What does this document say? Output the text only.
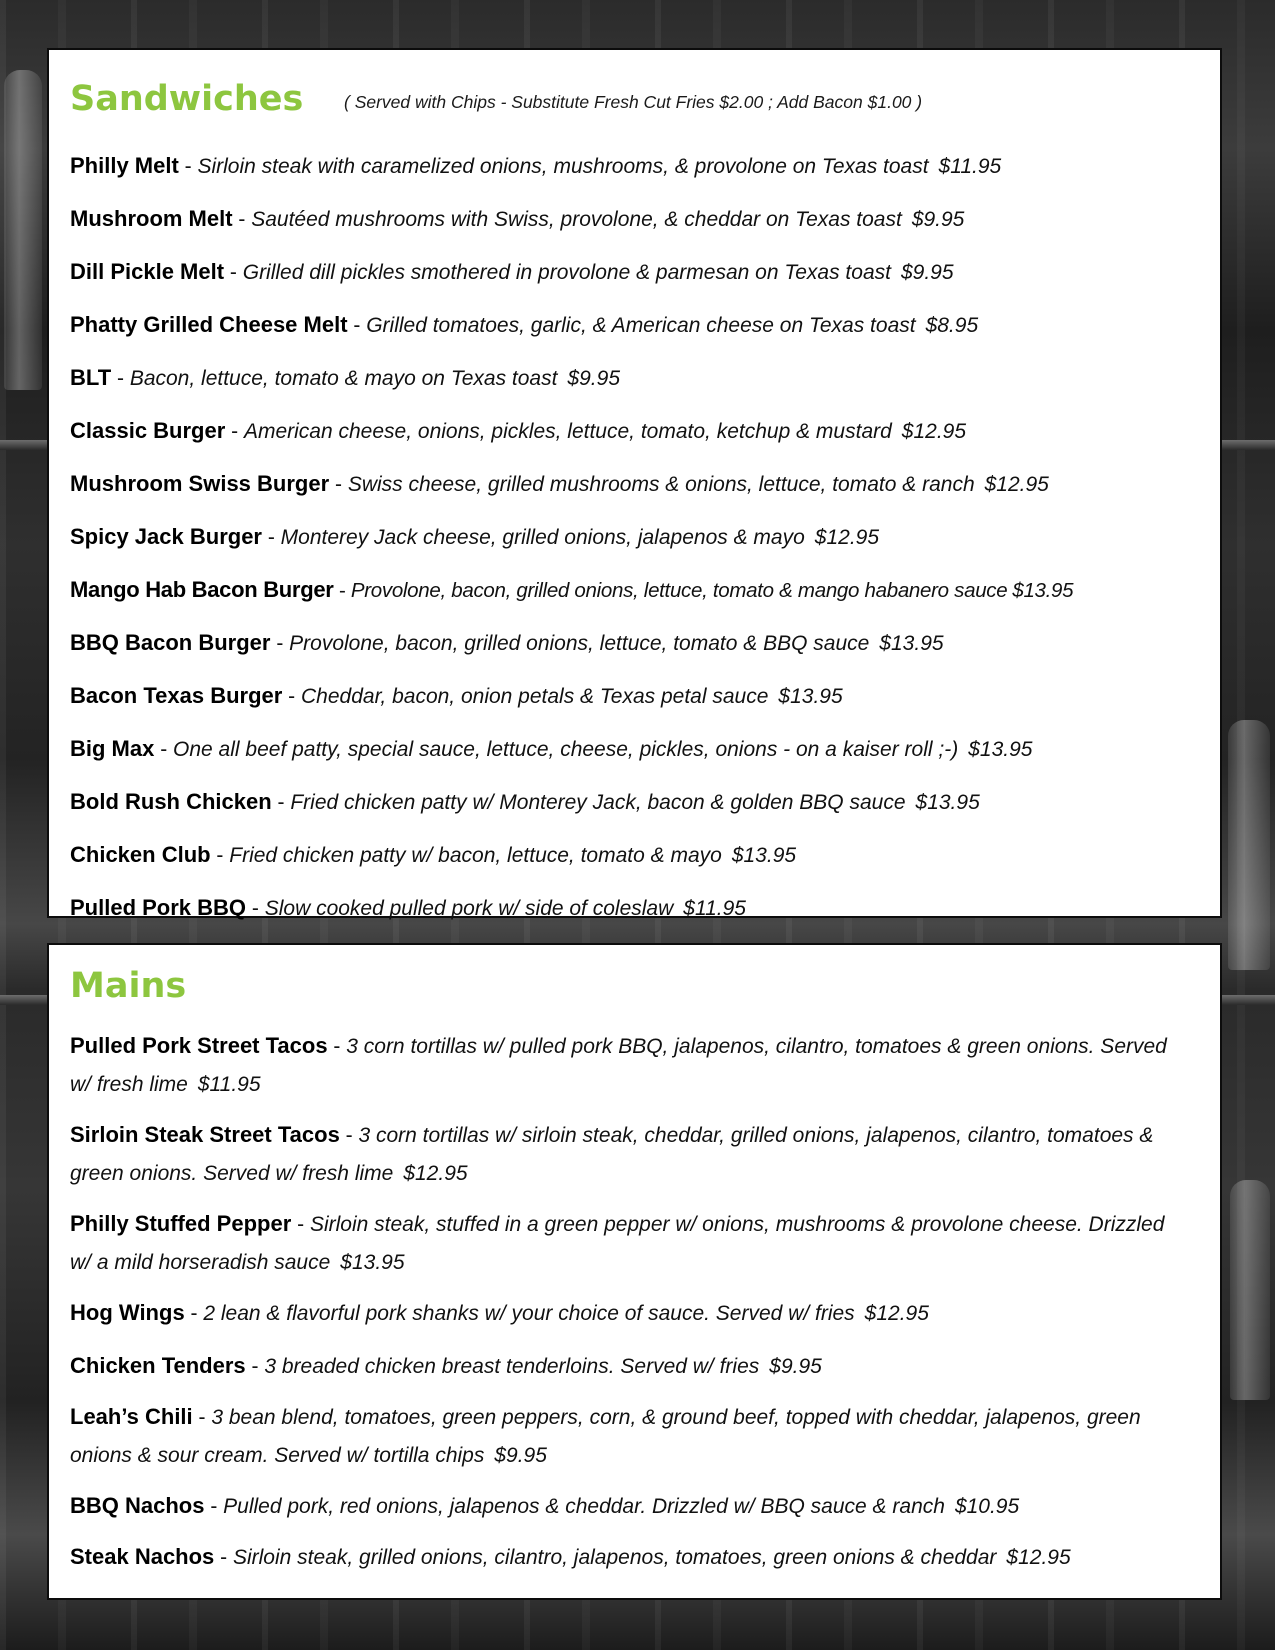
Sandwiches ( Served with Chips - Substitute Fresh Cut Fries $2.00 ; Add Bacon $1.00 )
Philly Melt - Sirloin steak with caramelized onions, mushrooms, & provolone on Texas toast $11.95
Mushroom Melt - Sautéed mushrooms with Swiss, provolone, & cheddar on Texas toast $9.95
Dill Pickle Melt - Grilled dill pickles smothered in provolone & parmesan on Texas toast $9.95
Phatty Grilled Cheese Melt - Grilled tomatoes, garlic, & American cheese on Texas toast $8.95
BLT - Bacon, lettuce, tomato & mayo on Texas toast $9.95
Classic Burger - American cheese, onions, pickles, lettuce, tomato, ketchup & mustard $12.95
Mushroom Swiss Burger - Swiss cheese, grilled mushrooms & onions, lettuce, tomato & ranch $12.95
Spicy Jack Burger - Monterey Jack cheese, grilled onions, jalapenos & mayo $12.95
Mango Hab Bacon Burger - Provolone, bacon, grilled onions, lettuce, tomato & mango habanero sauce $13.95
BBQ Bacon Burger - Provolone, bacon, grilled onions, lettuce, tomato & BBQ sauce $13.95
Bacon Texas Burger - Cheddar, bacon, onion petals & Texas petal sauce $13.95
Big Max - One all beef patty, special sauce, lettuce, cheese, pickles, onions - on a kaiser roll ;-) $13.95
Bold Rush Chicken - Fried chicken patty w/ Monterey Jack, bacon & golden BBQ sauce $13.95
Chicken Club - Fried chicken patty w/ bacon, lettuce, tomato & mayo $13.95
Pulled Pork BBQ - Slow cooked pulled pork w/ side of coleslaw $11.95
Mains
Pulled Pork Street Tacos - 3 corn tortillas w/ pulled pork BBQ, jalapenos, cilantro, tomatoes & green onions. Served w/ fresh lime $11.95
Sirloin Steak Street Tacos - 3 corn tortillas w/ sirloin steak, cheddar, grilled onions, jalapenos, cilantro, tomatoes & green onions. Served w/ fresh lime $12.95
Philly Stuffed Pepper - Sirloin steak, stuffed in a green pepper w/ onions, mushrooms & provolone cheese. Drizzled w/ a mild horseradish sauce $13.95
Hog Wings - 2 lean & flavorful pork shanks w/ your choice of sauce. Served w/ fries $12.95
Chicken Tenders - 3 breaded chicken breast tenderloins. Served w/ fries $9.95
Leah’s Chili - 3 bean blend, tomatoes, green peppers, corn, & ground beef, topped with cheddar, jalapenos, green onions & sour cream. Served w/ tortilla chips $9.95
BBQ Nachos - Pulled pork, red onions, jalapenos & cheddar. Drizzled w/ BBQ sauce & ranch $10.95
Steak Nachos - Sirloin steak, grilled onions, cilantro, jalapenos, tomatoes, green onions & cheddar $12.95
